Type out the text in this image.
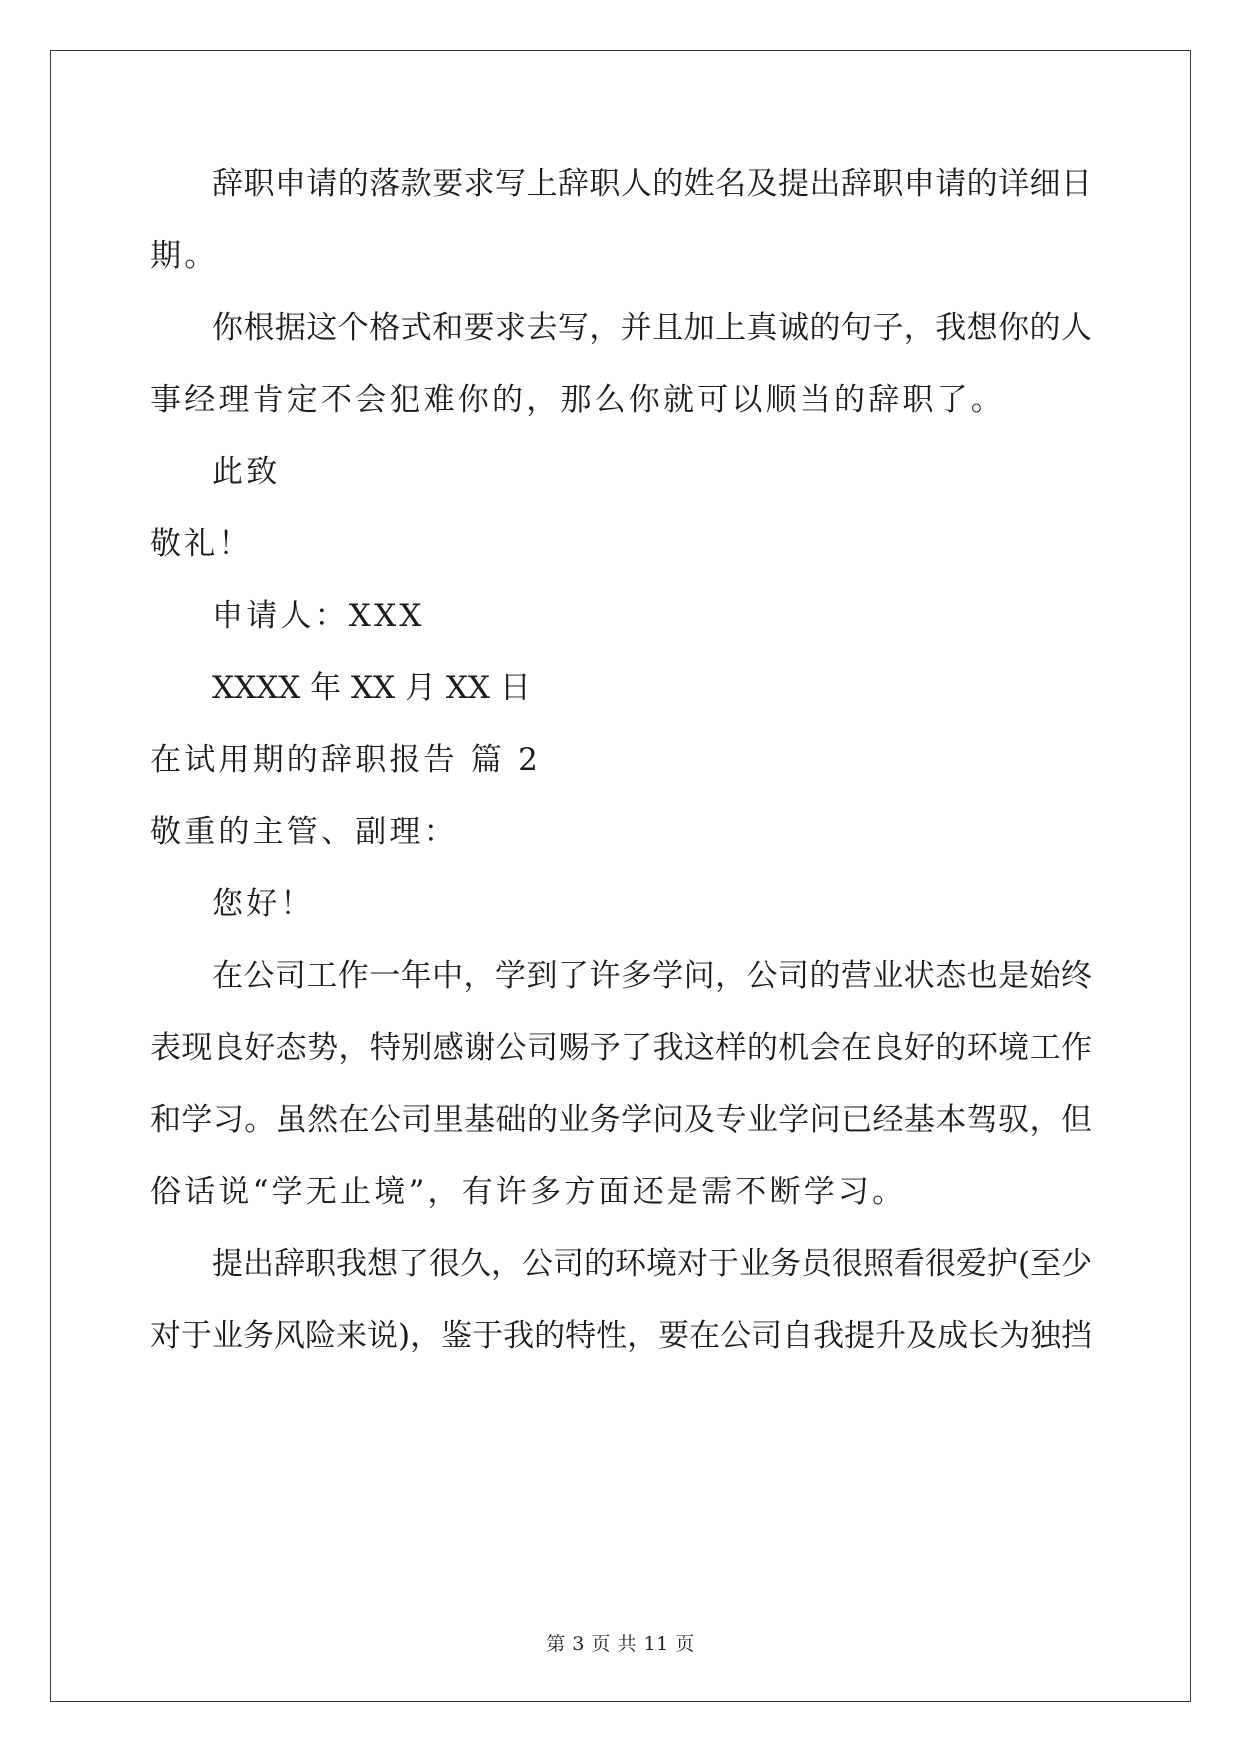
辞职申请的落款要求写上辞职人的姓名及提出辞职申请的详细日
期。
你根据这个格式和要求去写，并且加上真诚的句子，我想你的人
事经理肯定不会犯难你的，那么你就可以顺当的辞职了。
此致
敬礼！
申请人：XXX
XXXX 年 XX 月 XX 日
在试用期的辞职报告 篇 2
敬重的主管、副理：
您好！
在公司工作一年中，学到了许多学问，公司的营业状态也是始终
表现良好态势，特别感谢公司赐予了我这样的机会在良好的环境工作
和学习。虽然在公司里基础的业务学问及专业学问已经基本驾驭，但
俗话说“学无止境”，有许多方面还是需不断学习。
提出辞职我想了很久，公司的环境对于业务员很照看很爱护(至少
对于业务风险来说)，鉴于我的特性，要在公司自我提升及成长为独挡
第 3 页 共 11 页
